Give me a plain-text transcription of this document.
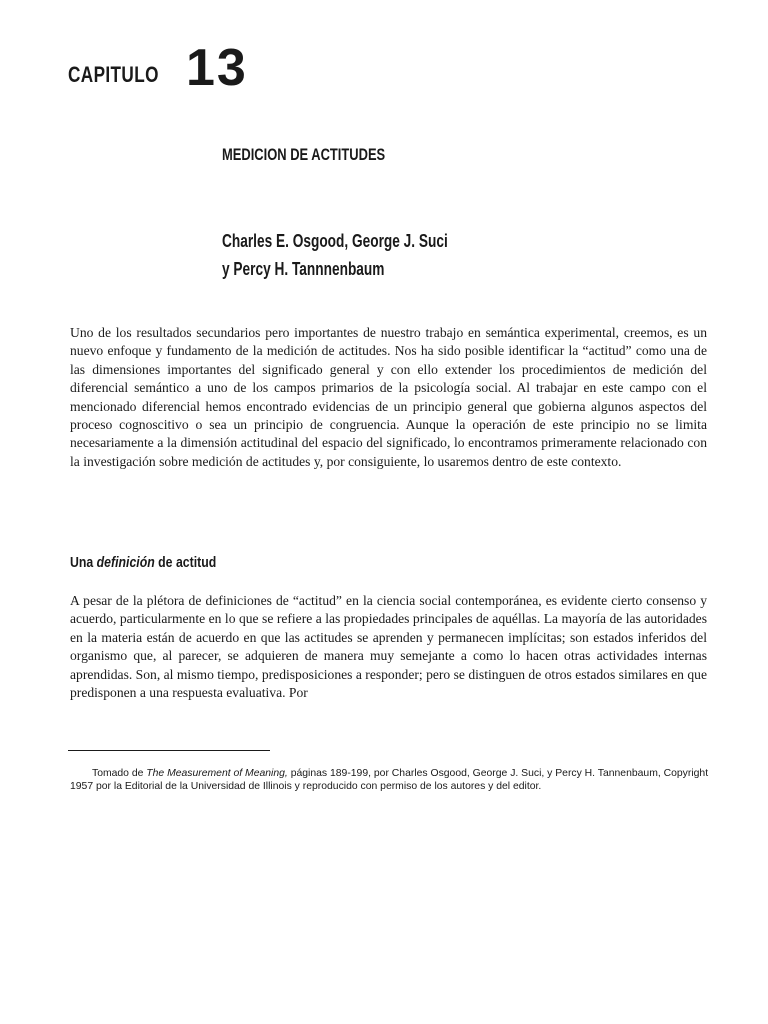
CAPITULO 13
MEDICION DE ACTITUDES
Charles E. Osgood, George J. Suci
y Percy H. Tannnenbaum

Uno de los resultados secundarios pero importantes de nuestro trabajo en semántica experimental, creemos, es un nuevo enfoque y fundamento de la medición de actitudes. Nos ha sido posible identificar la “actitud” como una de las dimensiones importantes del significado general y con ello extender los procedimientos de medición del diferencial semántico a uno de los campos primarios de la psicología social. Al trabajar en este campo con el mencionado diferencial hemos encontrado evidencias de un principio general que gobierna algunos aspectos del proceso cognoscitivo o sea un principio de congruencia. Aunque la operación de este principio no se limita necesariamente a la dimensión actitudinal del espacio del significado, lo encontramos primeramente relacionado con la investigación sobre medición de actitudes y, por consiguiente, lo usaremos dentro de este contexto.

Una definición de actitud

A pesar de la plétora de definiciones de “actitud” en la ciencia social contemporánea, es evidente cierto consenso y acuerdo, particularmente en lo que se refiere a las propiedades principales de aquéllas. La mayoría de las autoridades en la materia están de acuerdo en que las actitudes se aprenden y permanecen implícitas; son estados inferidos del organismo que, al parecer, se adquieren de manera muy semejante a como lo hacen otras actividades internas aprendidas. Son, al mismo tiempo, predisposiciones a responder; pero se distinguen de otros estados similares en que predisponen a una respuesta evaluativa. Por

Tomado de The Measurement of Meaning, páginas 189-199, por Charles Osgood, George J. Suci, y Percy H. Tannenbaum, Copyright 1957 por la Editorial de la Universidad de Illinois y reproducido con permiso de los autores y del editor.
